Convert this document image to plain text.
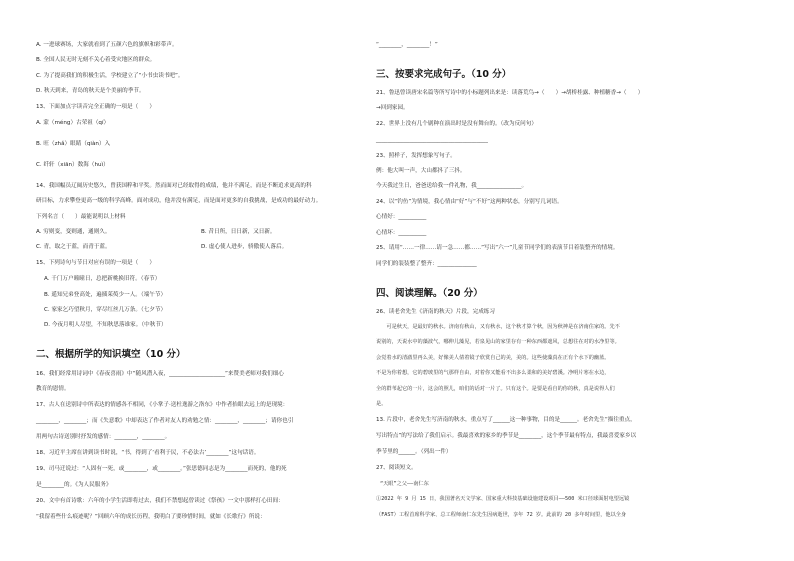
A. 一进球赛场，大家就看到了五颜六色的旗帜和彩带声。
B. 全国人民无时无刻不关心着受灾地区的群众。
C. 为了提高我们的积极生活，学校建立了“小书虫读书吧”。
D. 秋天到来，青岛的秋天是个美丽的季节。
13、下面加点字读音完全正确的一项是（　　）
A. 蒙（méng）古荣祖（qí）
B. 旺（zhǎ）眼睛（qiàn）入
C. 纤轩（xiān）数海（huì）
14、我国幅员辽阔历史悠久，曾获国粹和平奖。然而面对已经取得的成绩，他并不满足，而是不断追求更高的科
研目标，力求攀登更高一级的科学高峰。面对成功，他并没有满足，而是面对更多的自我挑战，是成功的最好动力。
下列名言（　　）最能说明以上材料
A. 穷则变，变则通，通则久。	B. 昔日所，日日新，又日新。
C. 青，取之于蓝，而青于蓝。	D. 虚心使人进步，骄傲使人落后。
15、下列诗句与节日对应有误的一项是（　　）
A. 千门万户曈曈日，总把新桃换旧符。（春节）
B. 遥知兄弟登高处，遍插茱萸少一人。（端午节）
C. 家家乞巧望秋月，穿尽红丝几万条。（七夕节）
D. 今夜月明人尽望，不知秋思落谁家。（中秋节）
二、根据所学的知识填空（10 分）
16、我们经常用诗词中《春夜喜雨》中“随风潜入夜，____________________”来赞美老师对我们细心
教育的恩情。
17、古人在送别诗中所表达的情感各不相同，《小掌子·送杜逸游之洛东》中作者抬眼去远上的是现境：
________，________；而《失意歌》中却表达了作者对友人的劝勉之情：________，________；请你也引
用两句古诗送别时抒发的感情：________，________。
18、习近平主席在讲到读书时说，“书，得到了‘看利于民，不必法古’________”这句话语。
19、司马迁说过：“人固有一死，或________，或________。”张思德同志是为________而死的，他的死
是________的。《为人民服务》
20、文中有首诗歌：六年的小学生活即将过去，我们不禁想起曾读过《祭孩》一文中那样打心田间：
“我留着些什么痕迹呢？”回顾六年的成长历程，我明白了要珍惜时间，就如《长歌行》所说：
“________，________！”
三、按要求完成句子。（10 分）
21、鲁迅曾读唐宋名篇等所写诗中的小标题列出来是：读落荒鸟→（　　）→胡桥桂露、种植糖香→（　　）
→回到家园。
22、世界上没有几个剧种在演出时是没有舞台的。（改为反问句）
________________________________________
23、照样子，发挥想象写句子。
例：他大叫一声，大山都抖了三抖。
今天我过生日，爸爸送给我一件礼物，我________________。
24、以“钓鱼”为情境，我心情由“好”与“不好”这两种状态，分别写几词语。
心情好：__________
心情坏：__________
25、请用“……一律……请一急……都……”写出“六一”儿童节同学们的表演节目着装整齐的情境。
同学们的装装整了整齐：______________
四、阅读理解。（20 分）
26、读老舍先生《济南的秋天》片段，完成练习
　　可是秋天，是最好的秋水。济南有秋山，又有秋水，这个秋才算个秋，因为秋神是在济南住家的。先不
说别的，天说水中的藻波气，哪伸儿藻见，若泉见山的家里存有一种东西都遮风，总想往在对的水净里等。
会觉着水的清澈里再么美，好像美人倩着镜子欣赏自己的美，美的。这些使藻真在正有个水下的幽蓝。
不是为你着想，它的碧玻里的气那样自由，对着你又能看不出多么柔和的美好碧溪。净明片寒在水边，
全的群苇起它的一片，这会的照儿，咱们的话对一片了。只有这个。是要是看自的你的秋，真是说得人们
是。
13. 片段中，老舍先生写济南的秋水，重点写了______这一种事物，目的是______。老舍先生“描往重点，
写出特点”的写法给了我们启示。我最喜欢的家乡的季节是________，这个季节最有特点，我最喜爱家乡以
季节里的______。（列出一件）
27、阅读短文。
“天眼”之父——南仁东
①2022 年 9 月 15 日，我国著名天文学家、国家重大科技基础设施建设项目——500 米口径球面射电望远镜
（FAST）工程首席科学家、总工程师南仁东先生因病逝世，享年 72 岁。此前的 20 多年时间里，他以全身
